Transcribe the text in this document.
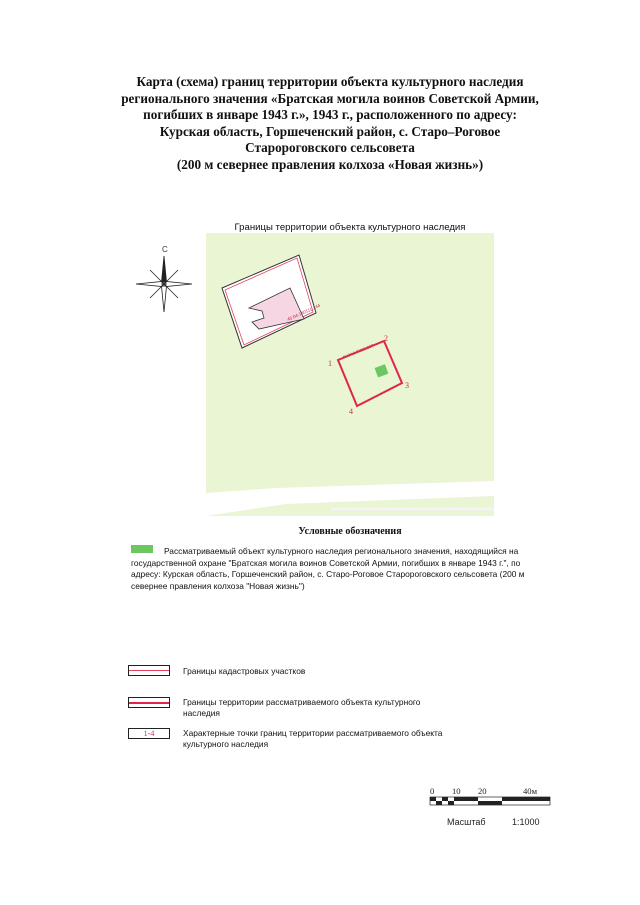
Карта (схема) границ территории объекта культурного наследия
регионального значения «Братская могила воинов Советской Армии,
погибших в январе 1943 г.», 1943 г., расположенного по адресу:
Курская область, Горшеченский район, с. Старо–Роговое
Старороговского сельсовета
(200 м севернее правления колхоза «Новая жизнь»)
Границы территории объекта культурного наследия
С
46:04:140111:144
46:04:140111:187
1
2
3
4
Условные обозначения
Рассматриваемый объект культурного наследия регионального значения, находящийся на государственной охране "Братская могила воинов Советской Армии, погибших в январе 1943 г.", по адресу: Курская область, Горшеченский район, с. Старо-Роговое Старороговского сельсовета (200 м севернее правления колхоза "Новая жизнь")
Границы кадастровых участков
Границы территории рассматриваемого объекта культурного наследия
1-4	Характерные точки границ территории рассматриваемого объекта культурного наследия
0 10 20	40м
Масштаб	1:1000
